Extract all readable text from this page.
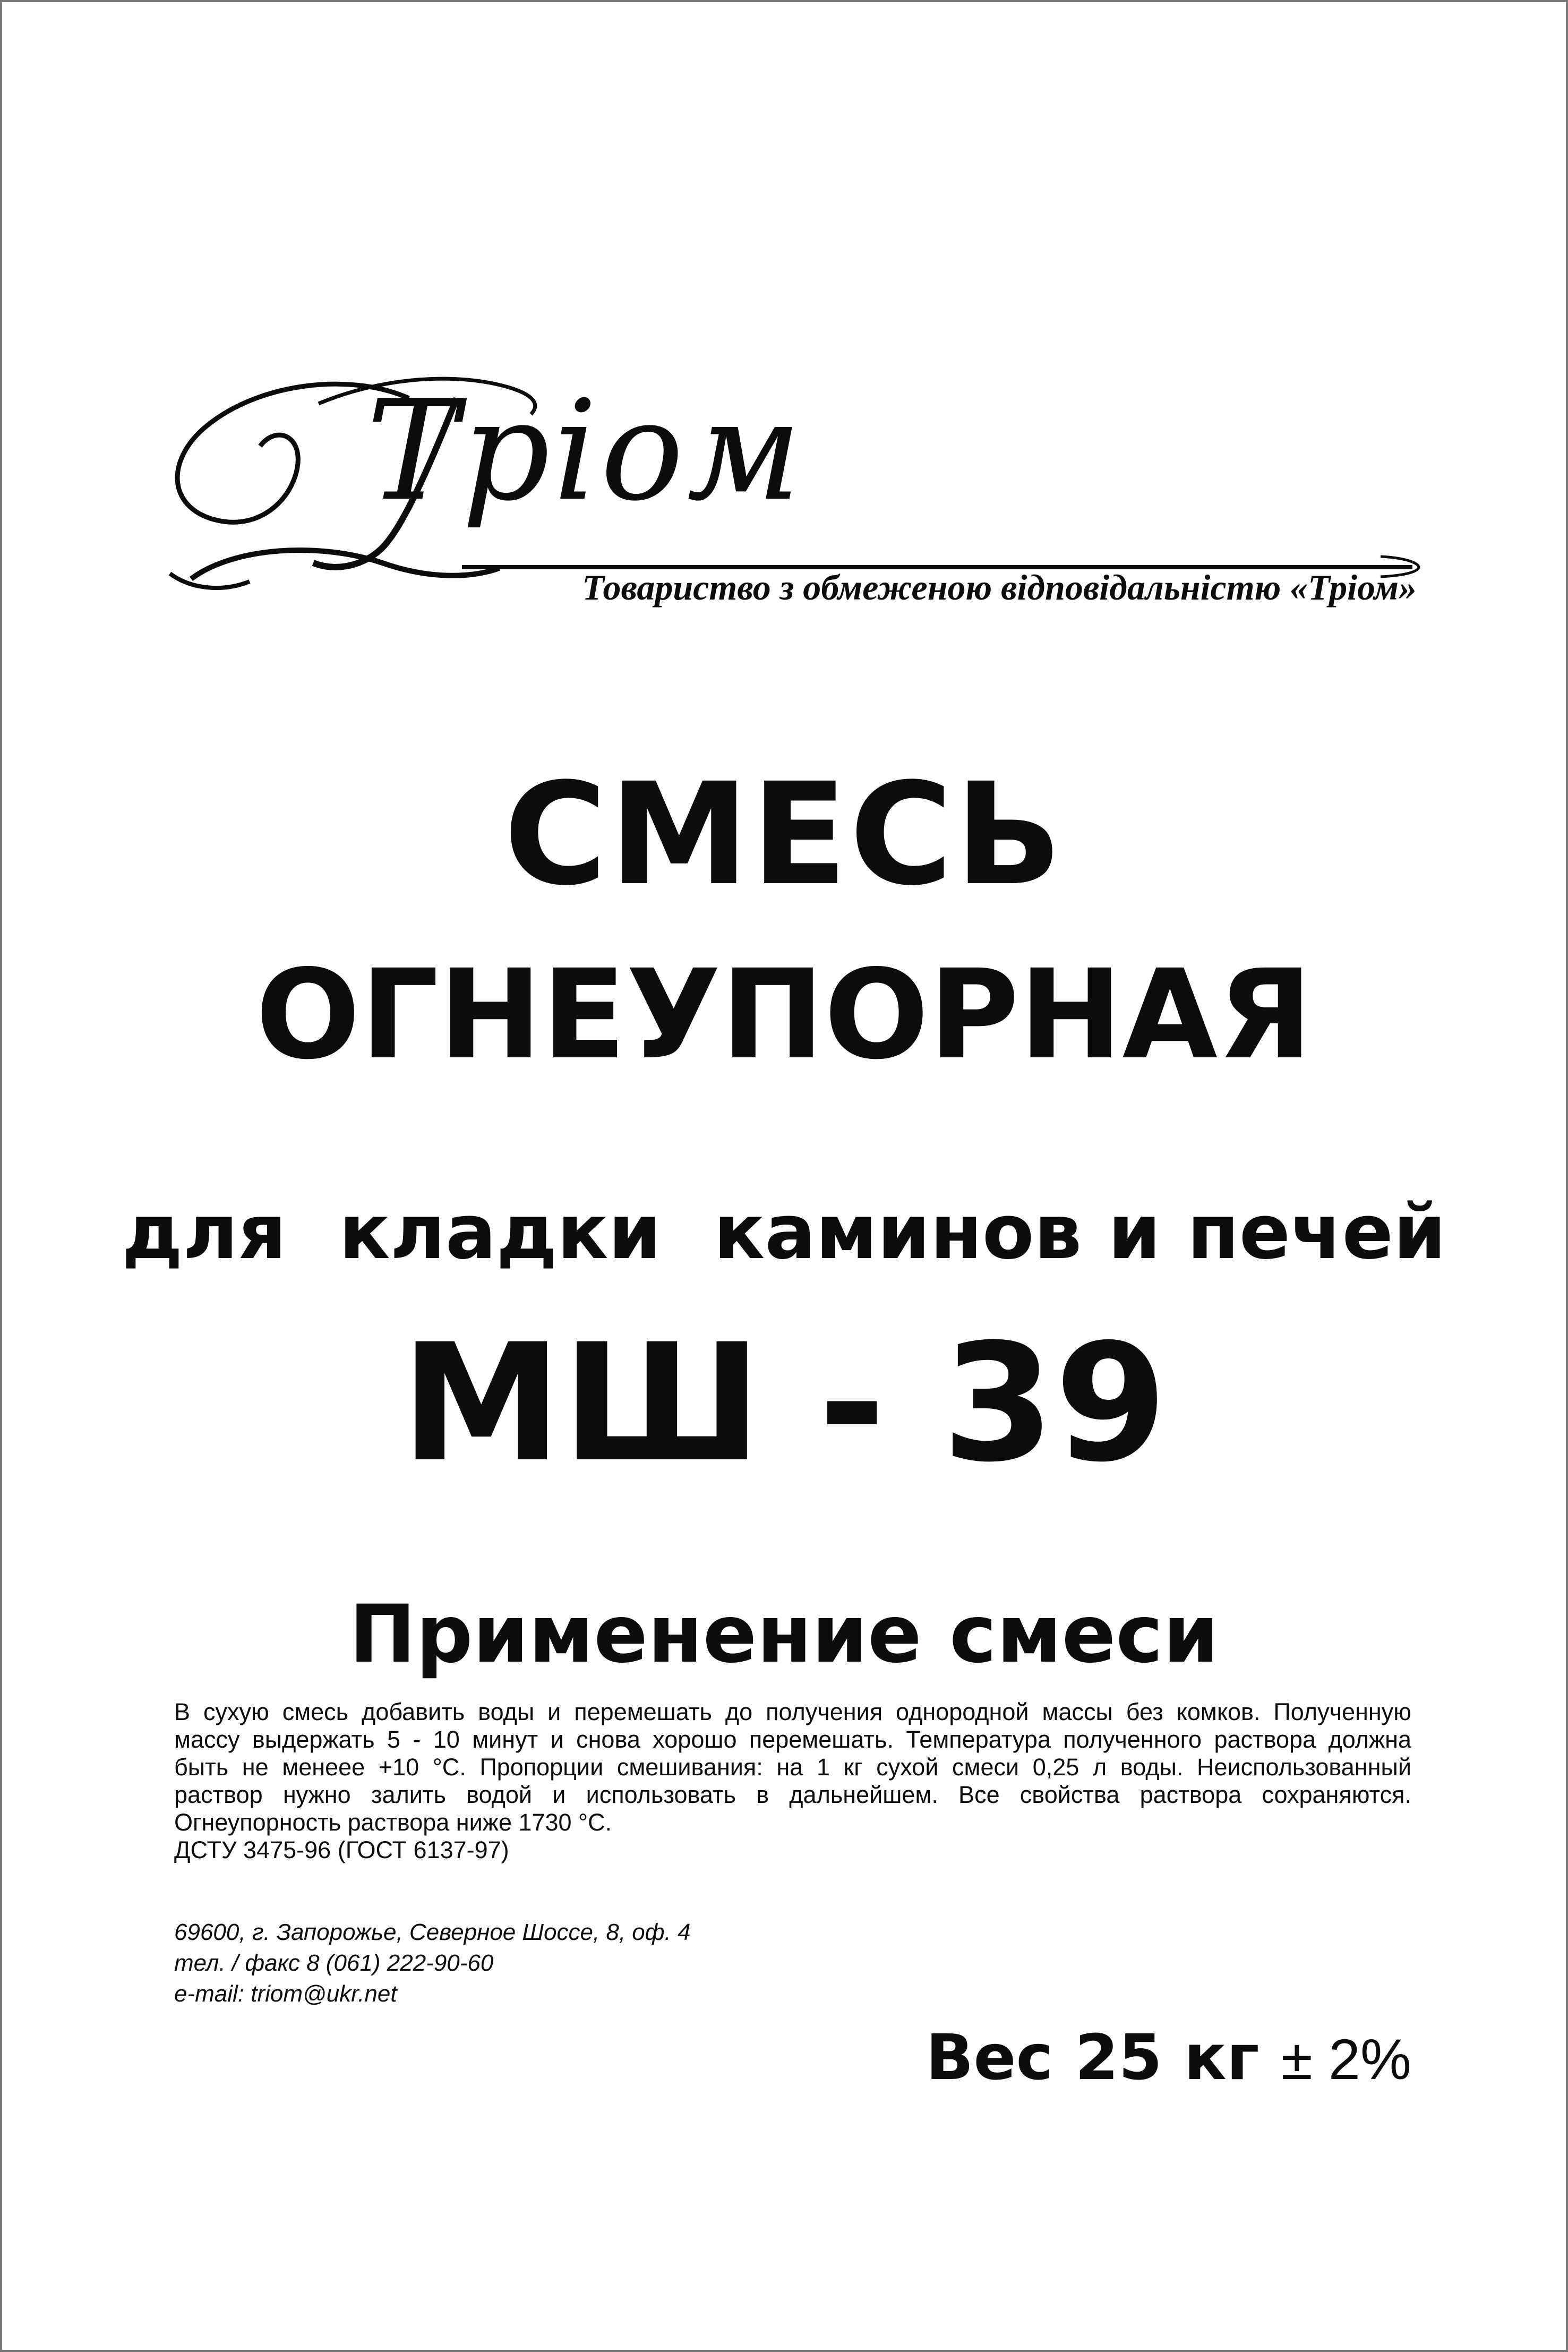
Тріом
Товариство з обмеженою відповідальністю «Тріом»
СМЕСЬ
ОГНЕУПОРНАЯ
для  кладки  каминов и печей
МШ - 39
Применение смеси
В сухую смесь добавить воды и перемешать до получения однородной массы без комков. Полученную
массу выдержать 5 - 10 минут и снова хорошо перемешать. Температура полученного раствора должна
быть не менеее +10 °С. Пропорции смешивания: на 1 кг сухой смеси 0,25 л воды. Неиспользованный
раствор нужно залить водой и использовать в дальнейшем. Все свойства раствора сохраняются.
Огнеупорность раствора ниже 1730 °С.
ДСТУ 3475-96 (ГОСТ 6137-97)
69600, г. Запорожье, Северное Шоссе, 8, оф. 4
тел. / факс 8 (061) 222-90-60
e-mail: triom@ukr.net
Вес 25 кг ± 2%
